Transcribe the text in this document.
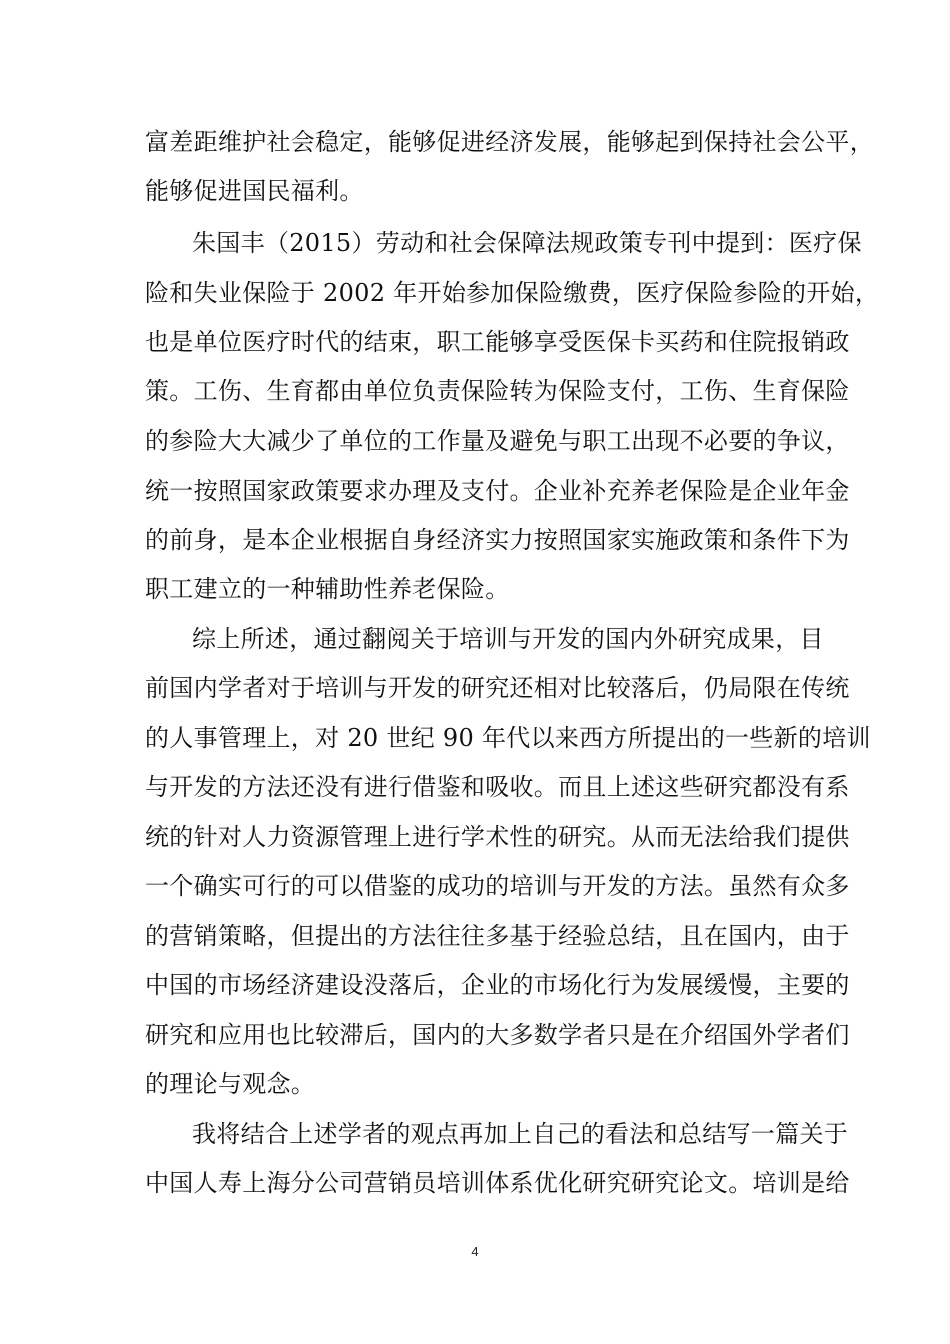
富差距维护社会稳定，能够促进经济发展，能够起到保持社会公平，
能够促进国民福利。
朱国丰（2015）劳动和社会保障法规政策专刊中提到：医疗保
险和失业保险于 2002 年开始参加保险缴费，医疗保险参险的开始，
也是单位医疗时代的结束，职工能够享受医保卡买药和住院报销政
策。工伤、生育都由单位负责保险转为保险支付，工伤、生育保险
的参险大大减少了单位的工作量及避免与职工出现不必要的争议，
统一按照国家政策要求办理及支付。企业补充养老保险是企业年金
的前身，是本企业根据自身经济实力按照国家实施政策和条件下为
职工建立的一种辅助性养老保险。
综上所述，通过翻阅关于培训与开发的国内外研究成果，目
前国内学者对于培训与开发的研究还相对比较落后，仍局限在传统
的人事管理上，对 20 世纪 90 年代以来西方所提出的一些新的培训
与开发的方法还没有进行借鉴和吸收。而且上述这些研究都没有系
统的针对人力资源管理上进行学术性的研究。从而无法给我们提供
一个确实可行的可以借鉴的成功的培训与开发的方法。虽然有众多
的营销策略，但提出的方法往往多基于经验总结，且在国内，由于
中国的市场经济建设没落后，企业的市场化行为发展缓慢，主要的
研究和应用也比较滞后，国内的大多数学者只是在介绍国外学者们
的理论与观念。
我将结合上述学者的观点再加上自己的看法和总结写一篇关于
中国人寿上海分公司营销员培训体系优化研究研究论文。培训是给
4
